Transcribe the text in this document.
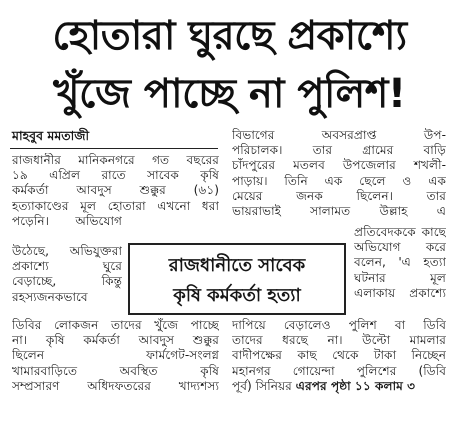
হোতারা ঘুরছে প্রকাশ্যে
খুঁজে পাচ্ছে না পুলিশ!
মাহবুব মমতাজী
রাজধানীর মানিকনগরে গত বছরের
১৯ এপ্রিল রাতে সাবেক কৃষি
কর্মকর্তা আবদুস শুক্কুর (৬১)
হত্যাকাণ্ডের মূল হোতারা এখনো ধরা
পড়েনি। অভিযোগ
উঠেছে, অভিযুক্তরা
প্রকাশ্যে ঘুরে
বেড়াচ্ছে, কিন্তু
রহস্যজনকভাবে
ডিবির লোকজন তাদের খুঁজে পাচ্ছে
না। কৃষি কর্মকর্তা আবদুস শুক্কুর
ছিলেন ফার্মগেট-সংলগ্ন
খামারবাড়িতে অবস্থিত কৃষি
সম্প্রসারণ অধিদফতরের খাদ্যশস্য
বিভাগের অবসরপ্রাপ্ত উপ-
পরিচালক। তার গ্রামের বাড়ি
চাঁদপুরের মতলব উপজেলার শখলী-
পাড়ায়। তিনি এক ছেলে ও এক
মেয়ের জনক ছিলেন। তার
ভায়রাভাই সালামত উল্লাহ এ
প্রতিবেদককে কাছে
অভিযোগ করে
বলেন, 'এ হত্যা
ঘটনার মূল
এলাকায় প্রকাশ্যে
দাপিয়ে বেড়ালেও পুলিশ বা ডিবি
তাদের ধরছে না। উল্টো মামলার
বাদীপক্ষের কাছ থেকে টাকা নিচ্ছেন
মহানগর গোয়েন্দা পুলিশের (ডিবি
পূর্ব) সিনিয়র এরপর পৃষ্ঠা ১১ কলাম ৩
রাজধানীতে সাবেক
কৃষি কর্মকর্তা হত্যা
